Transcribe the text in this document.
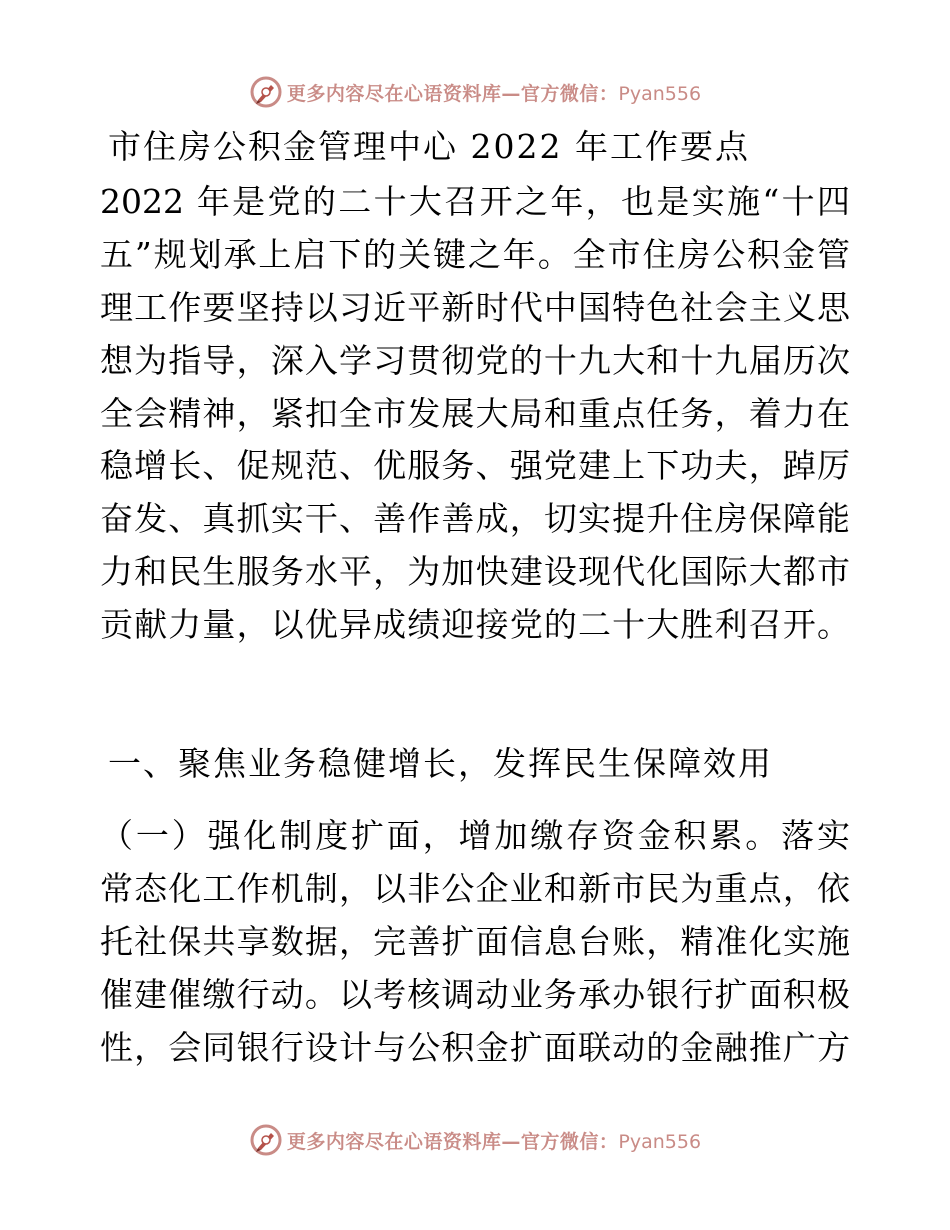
更多内容尽在心语资料库—官方微信：Pyan556
市住房公积金管理中心 2022 年工作要点
2022 年是党的二十大召开之年，也是实施“十四
五”规划承上启下的关键之年。全市住房公积金管
理工作要坚持以习近平新时代中国特色社会主义思
想为指导，深入学习贯彻党的十九大和十九届历次
全会精神，紧扣全市发展大局和重点任务，着力在
稳增长、促规范、优服务、强党建上下功夫，踔厉
奋发、真抓实干、善作善成，切实提升住房保障能
力和民生服务水平，为加快建设现代化国际大都市
贡献力量，以优异成绩迎接党的二十大胜利召开。
一、聚焦业务稳健增长，发挥民生保障效用
（一）强化制度扩面，增加缴存资金积累。落实
常态化工作机制，以非公企业和新市民为重点，依
托社保共享数据，完善扩面信息台账，精准化实施
催建催缴行动。以考核调动业务承办银行扩面积极
性，会同银行设计与公积金扩面联动的金融推广方
更多内容尽在心语资料库—官方微信：Pyan556
